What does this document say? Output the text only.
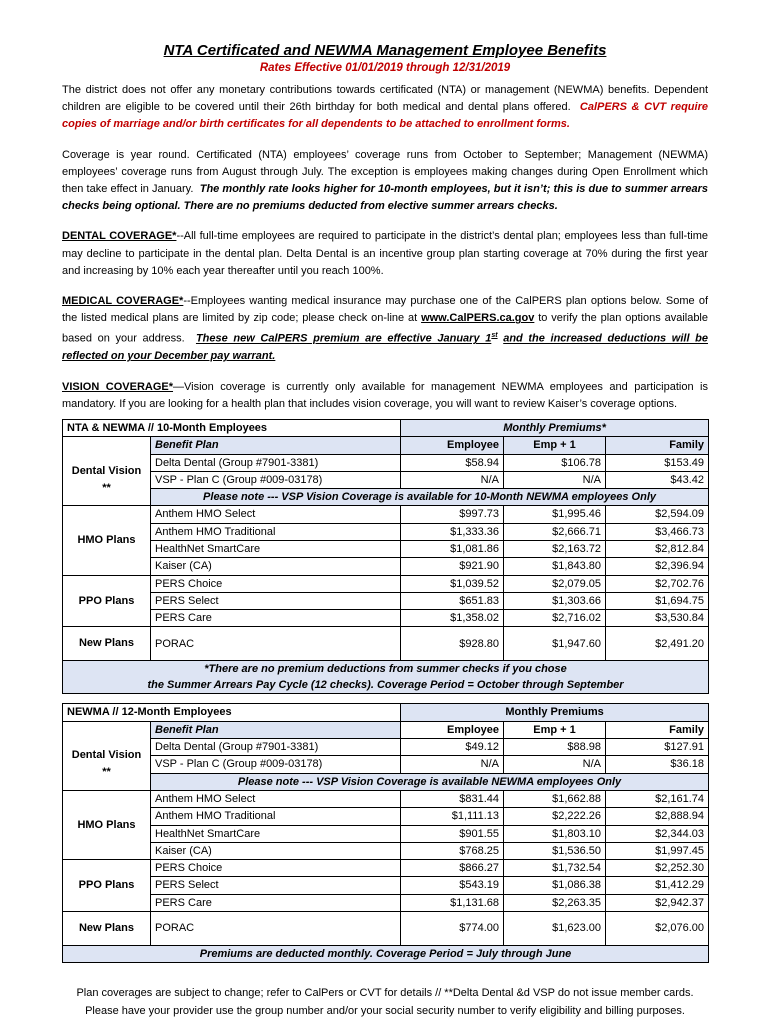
NTA Certificated and NEWMA Management Employee Benefits
Rates Effective 01/01/2019 through 12/31/2019

The district does not offer any monetary contributions towards certificated (NTA) or management (NEWMA) benefits. Dependent children are eligible to be covered until their 26th birthday for both medical and dental plans offered. CalPERS & CVT require copies of marriage and/or birth certificates for all dependents to be attached to enrollment forms.

Coverage is year round. Certificated (NTA) employees’ coverage runs from October to September; Management (NEWMA) employees’ coverage runs from August through July. The exception is employees making changes during Open Enrollment which then take effect in January. The monthly rate looks higher for 10-month employees, but it isn’t; this is due to summer arrears checks being optional. There are no premiums deducted from elective summer arrears checks.

DENTAL COVERAGE*--All full-time employees are required to participate in the district’s dental plan; employees less than full-time may decline to participate in the dental plan. Delta Dental is an incentive group plan starting coverage at 70% during the first year and increasing by 10% each year thereafter until you reach 100%.

MEDICAL COVERAGE*--Employees wanting medical insurance may purchase one of the CalPERS plan options below. Some of the listed medical plans are limited by zip code; please check on-line at www.CalPERS.ca.gov to verify the plan options available based on your address. These new CalPERS premium are effective January 1st and the increased deductions will be reflected on your December pay warrant.

VISION COVERAGE*—Vision coverage is currently only available for management NEWMA employees and participation is mandatory. If you are looking for a health plan that includes vision coverage, you will want to review Kaiser’s coverage options.

NTA & NEWMA // 10-Month Employees		Monthly Premiums*		
	Benefit Plan	Employee	Emp + 1	Family
Dental Vision **	Delta Dental (Group #7901-3381)	$58.94	$106.78	$153.49
	VSP - Plan C (Group #009-03178)	N/A	N/A	$43.42
	Please note --- VSP Vision Coverage is available for 10-Month NEWMA employees Only			
HMO Plans	Anthem HMO Select	$997.73	$1,995.46	$2,594.09
	Anthem HMO Traditional	$1,333.36	$2,666.71	$3,466.73
	HealthNet SmartCare	$1,081.86	$2,163.72	$2,812.84
	Kaiser (CA)	$921.90	$1,843.80	$2,396.94
PPO Plans	PERS Choice	$1,039.52	$2,079.05	$2,702.76
	PERS Select	$651.83	$1,303.66	$1,694.75
	PERS Care	$1,358.02	$2,716.02	$3,530.84
New Plans	PORAC	$928.80	$1,947.60	$2,491.20

*There are no premium deductions from summer checks if you chose
the Summer Arrears Pay Cycle (12 checks). Coverage Period = October through September				
NEWMA // 12-Month Employees		Monthly Premiums		
	Benefit Plan	Employee	Emp + 1	Family
Dental Vision **	Delta Dental (Group #7901-3381)	$49.12	$88.98	$127.91
	VSP - Plan C (Group #009-03178)	N/A	N/A	$36.18
	Please note --- VSP Vision Coverage is available NEWMA employees Only			
HMO Plans	Anthem HMO Select	$831.44	$1,662.88	$2,161.74
	Anthem HMO Traditional	$1,111.13	$2,222.26	$2,888.94
	HealthNet SmartCare	$901.55	$1,803.10	$2,344.03
	Kaiser (CA)	$768.25	$1,536.50	$1,997.45
PPO Plans	PERS Choice	$866.27	$1,732.54	$2,252.30
	PERS Select	$543.19	$1,086.38	$1,412.29
	PERS Care	$1,131.68	$2,263.35	$2,942.37
New Plans	PORAC	$774.00	$1,623.00	$2,076.00
Premiums are deducted monthly. Coverage Period = July through June				
Plan coverages are subject to change; refer to CalPers or CVT for details // **Delta Dental &d VSP do not issue member cards.
Please have your provider use the group number and/or your social security number to verify eligibility and billing purposes.
